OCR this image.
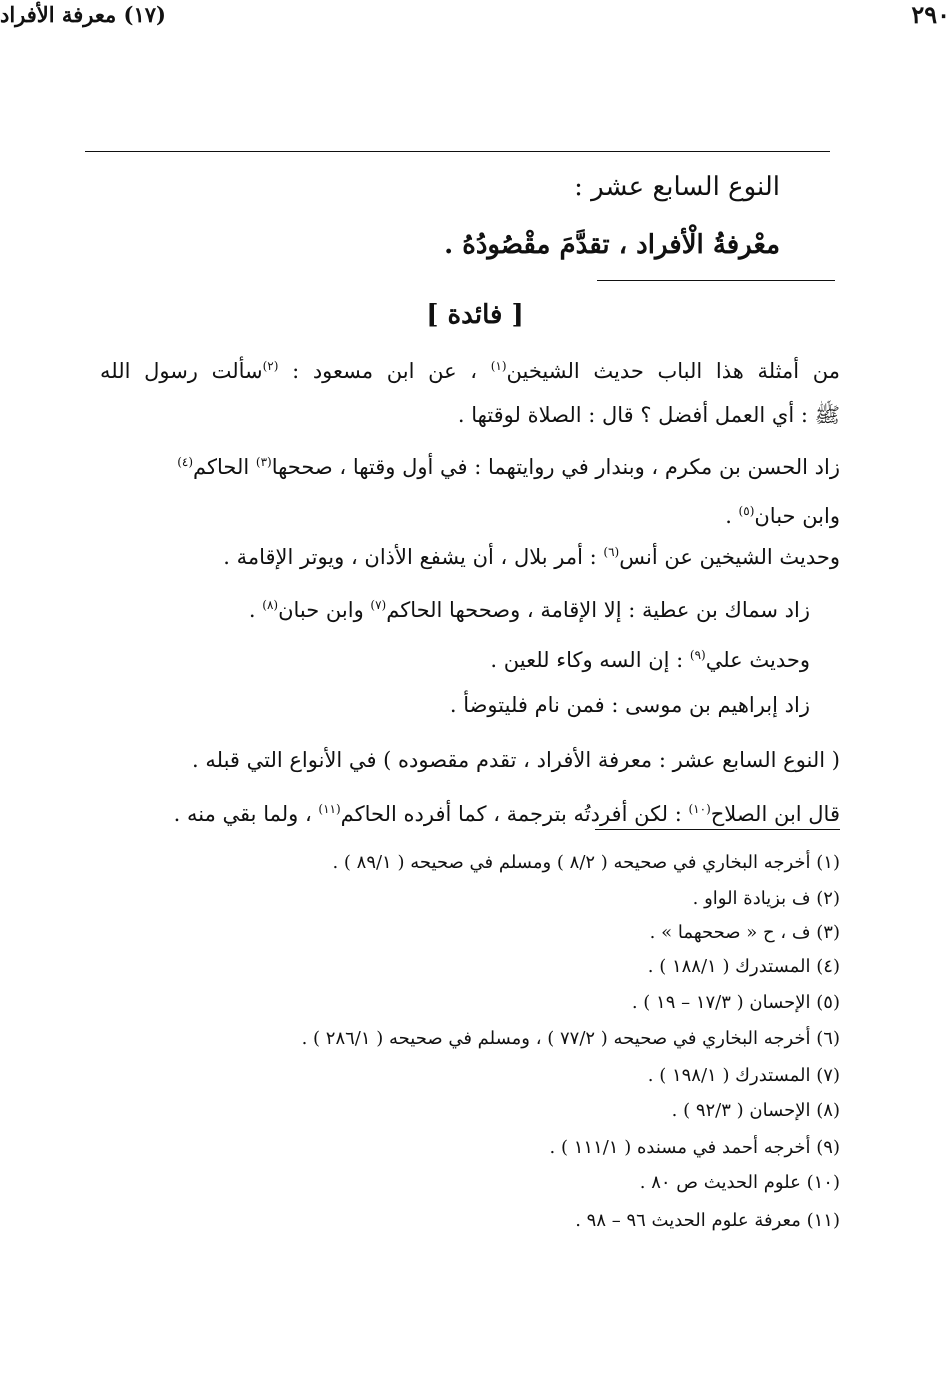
٢٩٠
(١٧) معرفة الأفراد
النوع السابع عشر :
معْرفةُ الْأفراد ، تقدَّمَ مقْصُودُهُ .
[ فائدة ]
من أمثلة هذا الباب حديث الشيخين$^{(١)}$ ، عن ابن مسعود : $^{(٢)}$سألت رسول الله
ﷺ : أي العمل أفضل ؟ قال : الصلاة لوقتها .
زاد الحسن بن مكرم ، وبندار في روايتهما : في أول وقتها ، صححها$^{(٣)}$ الحاكم$^{(٤)}$
وابن حبان$^{(٥)}$ .
وحديث الشيخين عن أنس$^{(٦)}$ : أمر بلال ، أن يشفع الأذان ، ويوتر الإقامة .
زاد سماك بن عطية : إلا الإقامة ، وصححها الحاكم$^{(٧)}$ وابن حبان$^{(٨)}$ .
وحديث علي$^{(٩)}$ : إن السه وكاء للعين .
زاد إبراهيم بن موسى : فمن نام فليتوضأ .
( النوع السابع عشر : معرفة الأفراد ، تقدم مقصوده ) في الأنواع التي قبله .
قال ابن الصلاح$^{(١٠)}$ : لكن أفردتُه بترجمة ، كما أفرده الحاكم$^{(١١)}$ ، ولما بقي منه .
(١) أخرجه البخاري في صحيحه ( ٨/٢ ) ومسلم في صحيحه ( ٨٩/١ ) .
(٢) ف بزيادة الواو .
(٣) ف ، ح « صححهما » .
(٤) المستدرك ( ١٨٨/١ ) .
(٥) الإحسان ( ١٧/٣ – ١٩ ) .
(٦) أخرجه البخاري في صحيحه ( ٧٧/٢ ) ، ومسلم في صحيحه ( ٢٨٦/١ ) .
(٧) المستدرك ( ١٩٨/١ ) .
(٨) الإحسان ( ٩٢/٣ ) .
(٩) أخرجه أحمد في مسنده ( ١١١/١ ) .
(١٠) علوم الحديث ص ٨٠ .
(١١) معرفة علوم الحديث ٩٦ – ٩٨ .
